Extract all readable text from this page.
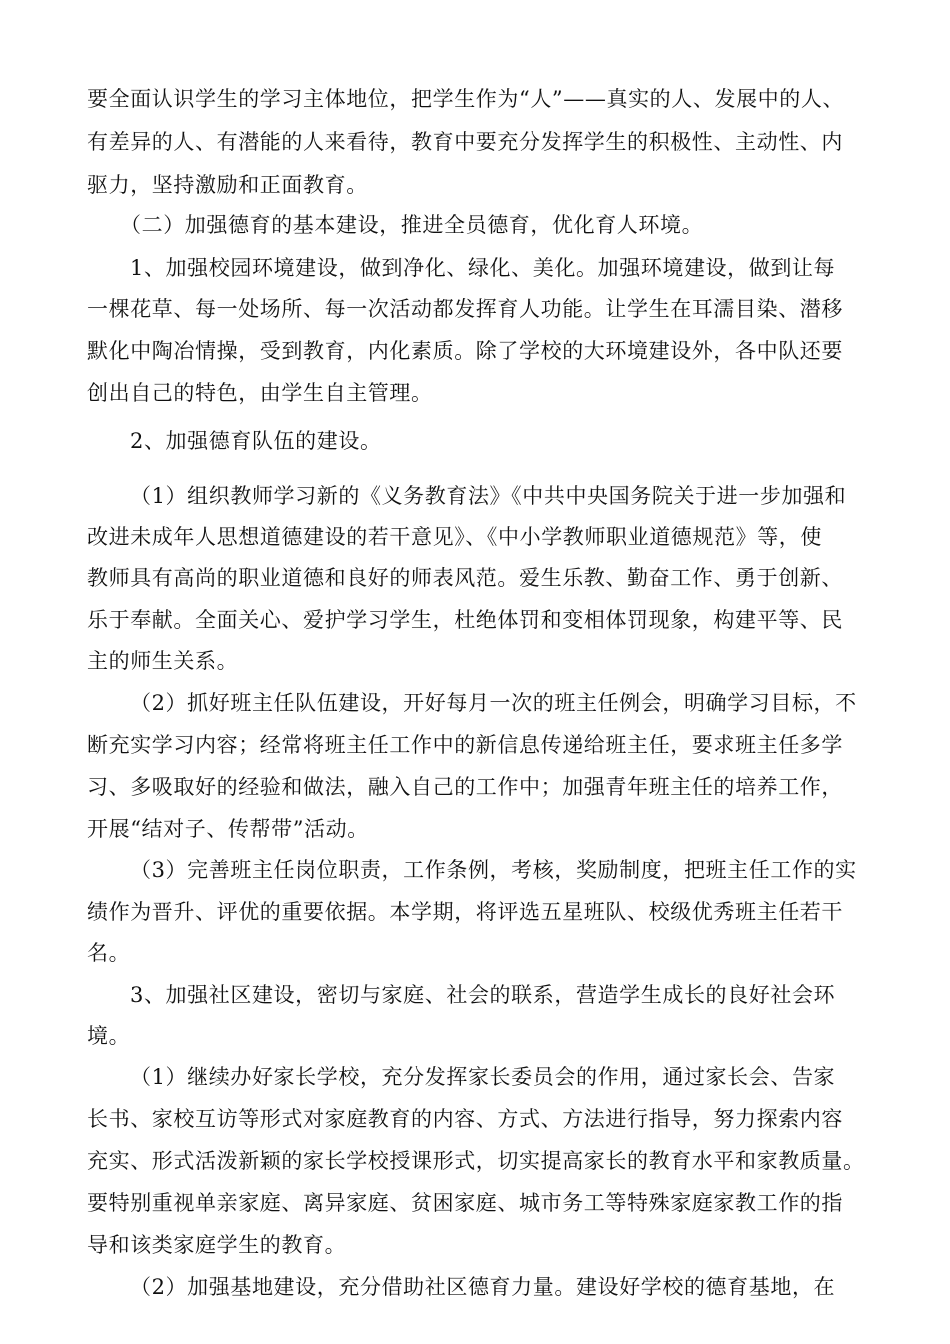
要全面认识学生的学习主体地位，把学生作为“人”——真实的人、发展中的人、
有差异的人、有潜能的人来看待，教育中要充分发挥学生的积极性、主动性、内
驱力，坚持激励和正面教育。
（二）加强德育的基本建设，推进全员德育，优化育人环境。
1、加强校园环境建设，做到净化、绿化、美化。加强环境建设，做到让每
一棵花草、每一处场所、每一次活动都发挥育人功能。让学生在耳濡目染、潜移
默化中陶冶情操，受到教育，内化素质。除了学校的大环境建设外，各中队还要
创出自己的特色，由学生自主管理。
2、加强德育队伍的建设。
（1）组织教师学习新的《义务教育法》《中共中央国务院关于进一步加强和
改进未成年人思想道德建设的若干意见》、《中小学教师职业道德规范》等，使
教师具有高尚的职业道德和良好的师表风范。爱生乐教、勤奋工作、勇于创新、
乐于奉献。全面关心、爱护学习学生，杜绝体罚和变相体罚现象，构建平等、民
主的师生关系。
（2）抓好班主任队伍建设，开好每月一次的班主任例会，明确学习目标，不
断充实学习内容；经常将班主任工作中的新信息传递给班主任，要求班主任多学
习、多吸取好的经验和做法，融入自己的工作中；加强青年班主任的培养工作，
开展“结对子、传帮带”活动。
（3）完善班主任岗位职责，工作条例，考核，奖励制度，把班主任工作的实
绩作为晋升、评优的重要依据。本学期，将评选五星班队、校级优秀班主任若干
名。
3、加强社区建设，密切与家庭、社会的联系，营造学生成长的良好社会环
境。
（1）继续办好家长学校，充分发挥家长委员会的作用，通过家长会、告家
长书、家校互访等形式对家庭教育的内容、方式、方法进行指导，努力探索内容
充实、形式活泼新颖的家长学校授课形式，切实提高家长的教育水平和家教质量。
要特别重视单亲家庭、离异家庭、贫困家庭、城市务工等特殊家庭家教工作的指
导和该类家庭学生的教育。
（2）加强基地建设，充分借助社区德育力量。建设好学校的德育基地，在
